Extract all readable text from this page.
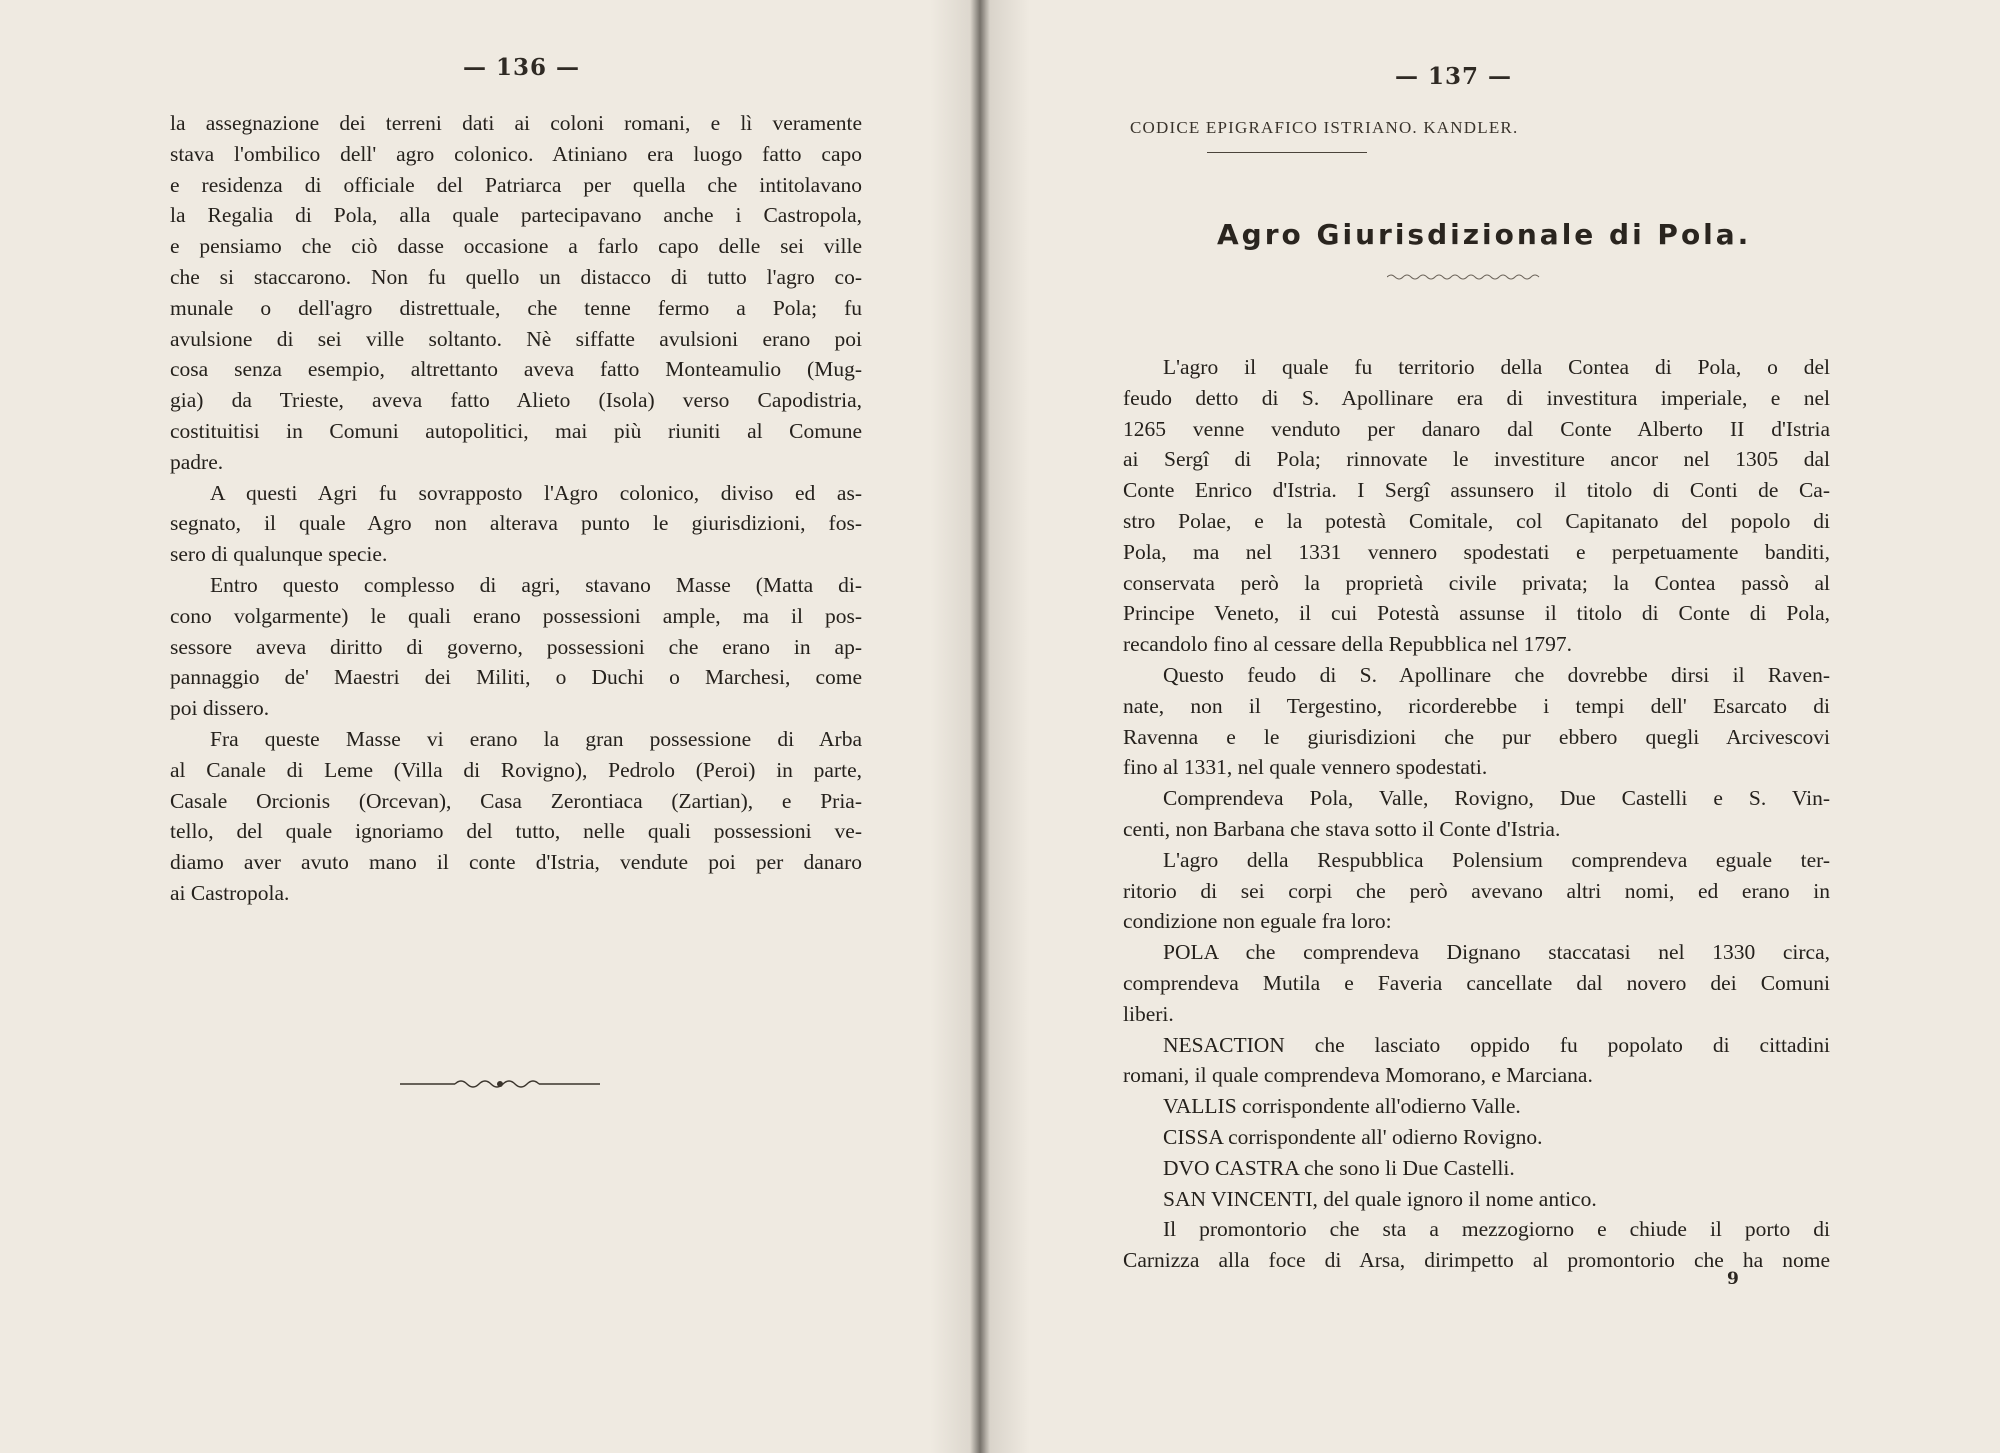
— 136 —
la assegnazione dei terreni dati ai coloni romani, e lì veramente
stava l'ombilico dell' agro colonico. Atiniano era luogo fatto capo
e residenza di officiale del Patriarca per quella che intitolavano
la Regalia di Pola, alla quale partecipavano anche i Castropola,
e pensiamo che ciò dasse occasione a farlo capo delle sei ville
che si staccarono. Non fu quello un distacco di tutto l'agro co-
munale o dell'agro distrettuale, che tenne fermo a Pola; fu
avulsione di sei ville soltanto. Nè siffatte avulsioni erano poi
cosa senza esempio, altrettanto aveva fatto Monteamulio (Mug-
gia) da Trieste, aveva fatto Alieto (Isola) verso Capodistria,
costituitisi in Comuni autopolitici, mai più riuniti al Comune
padre.
A questi Agri fu sovrapposto l'Agro colonico, diviso ed as-
segnato, il quale Agro non alterava punto le giurisdizioni, fos-
sero di qualunque specie.
Entro questo complesso di agri, stavano Masse (Matta di-
cono volgarmente) le quali erano possessioni ample, ma il pos-
sessore aveva diritto di governo, possessioni che erano in ap-
pannaggio de' Maestri dei Militi, o Duchi o Marchesi, come
poi dissero.
Fra queste Masse vi erano la gran possessione di Arba
al Canale di Leme (Villa di Rovigno), Pedrolo (Peroi) in parte,
Casale Orcionis (Orcevan), Casa Zerontiaca (Zartian), e Pria-
tello, del quale ignoriamo del tutto, nelle quali possessioni ve-
diamo aver avuto mano il conte d'Istria, vendute poi per danaro
ai Castropola.
— 137 —
CODICE EPIGRAFICO ISTRIANO. KANDLER.
Agro Giurisdizionale di Pola.
L'agro il quale fu territorio della Contea di Pola, o del
feudo detto di S. Apollinare era di investitura imperiale, e nel
1265 venne venduto per danaro dal Conte Alberto II d'Istria
ai Sergî di Pola; rinnovate le investiture ancor nel 1305 dal
Conte Enrico d'Istria. I Sergî assunsero il titolo di Conti de Ca-
stro Polae, e la potestà Comitale, col Capitanato del popolo di
Pola, ma nel 1331 vennero spodestati e perpetuamente banditi,
conservata però la proprietà civile privata; la Contea passò al
Principe Veneto, il cui Potestà assunse il titolo di Conte di Pola,
recandolo fino al cessare della Repubblica nel 1797.
Questo feudo di S. Apollinare che dovrebbe dirsi il Raven-
nate, non il Tergestino, ricorderebbe i tempi dell' Esarcato di
Ravenna e le giurisdizioni che pur ebbero quegli Arcivescovi
fino al 1331, nel quale vennero spodestati.
Comprendeva Pola, Valle, Rovigno, Due Castelli e S. Vin-
centi, non Barbana che stava sotto il Conte d'Istria.
L'agro della Respubblica Polensium comprendeva eguale ter-
ritorio di sei corpi che però avevano altri nomi, ed erano in
condizione non eguale fra loro:
POLA che comprendeva Dignano staccatasi nel 1330 circa,
comprendeva Mutila e Faveria cancellate dal novero dei Comuni
liberi.
NESACTION che lasciato oppido fu popolato di cittadini
romani, il quale comprendeva Momorano, e Marciana.
VALLIS corrispondente all'odierno Valle.
CISSA corrispondente all' odierno Rovigno.
DVO CASTRA che sono li Due Castelli.
SAN VINCENTI, del quale ignoro il nome antico.
Il promontorio che sta a mezzogiorno e chiude il porto di
Carnizza alla foce di Arsa, dirimpetto al promontorio che ha nome
9
